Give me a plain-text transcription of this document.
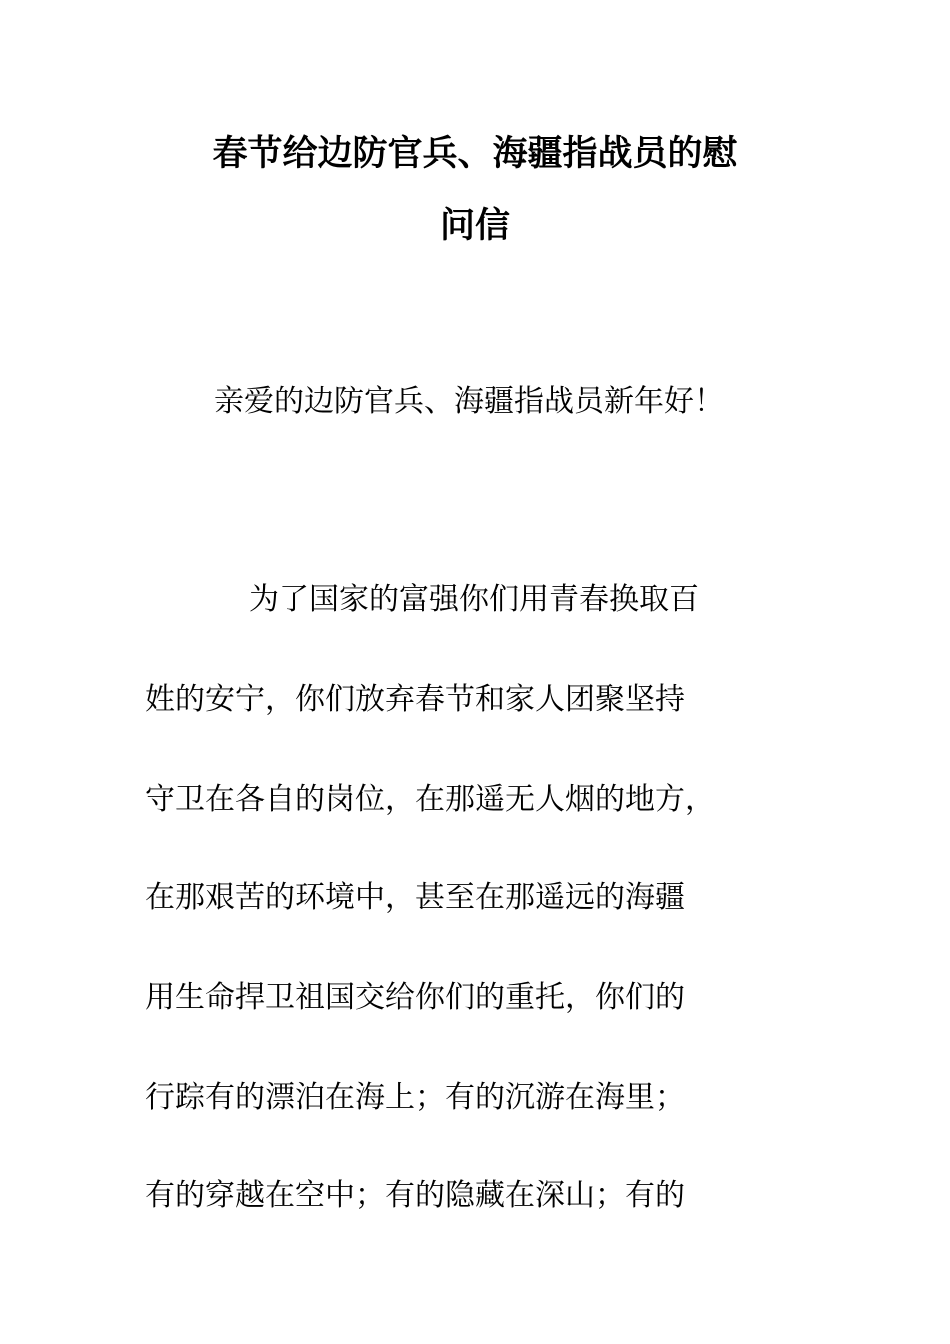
春节给边防官兵、海疆指战员的慰
问信
亲爱的边防官兵、海疆指战员新年好！
为了国家的富强你们用青春换取百
姓的安宁，你们放弃春节和家人团聚坚持
守卫在各自的岗位，在那遥无人烟的地方，
在那艰苦的环境中，甚至在那遥远的海疆
用生命捍卫祖国交给你们的重托，你们的
行踪有的漂泊在海上；有的沉游在海里；
有的穿越在空中；有的隐藏在深山；有的
